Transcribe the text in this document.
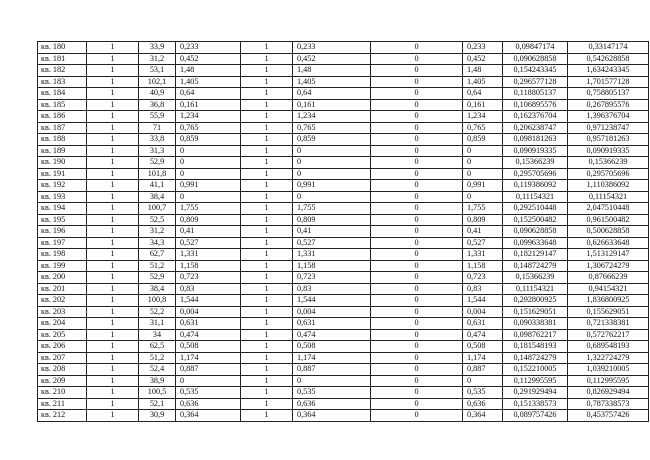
кв. 180	1	33,9	0,233	1	0,233	0	0,233	0,09847174	0,33147174
кв. 181	1	31,2	0,452	1	0,452	0	0,452	0,090628858	0,542628858
кв. 182	1	53,1	1,48	1	1,48	0	1,48	0,154243345	1,634243345
кв. 183	1	102,1	1,405	1	1,405	0	1,405	0,296577128	1,701577128
кв. 184	1	40,9	0,64	1	0,64	0	0,64	0,118805137	0,758805137
кв. 185	1	36,8	0,161	1	0,161	0	0,161	0,106895576	0,267895576
кв. 186	1	55,9	1,234	1	1,234	0	1,234	0,162376704	1,396376704
кв. 187	1	71	0,765	1	0,765	0	0,765	0,206238747	0,971238747
кв. 188	1	33,8	0,859	1	0,859	0	0,859	0,098181263	0,957181263
кв. 189	1	31,3	0	1	0	0	0	0,090919335	0,090919335
кв. 190	1	52,9	0	1	0	0	0	0,15366239	0,15366239
кв. 191	1	101,8	0	1	0	0	0	0,295705696	0,295705696
кв. 192	1	41,1	0,991	1	0,991	0	0,991	0,119386092	1,110386092
кв. 193	1	38,4	0	1	0	0	0	0,11154321	0,11154321
кв. 194	1	100,7	1,755	1	1,755	0	1,755	0,292510448	2,047510448
кв. 195	1	52,5	0,809	1	0,809	0	0,809	0,152500482	0,961500482
кв. 196	1	31,2	0,41	1	0,41	0	0,41	0,090628858	0,500628858
кв. 197	1	34,3	0,527	1	0,527	0	0,527	0,099633648	0,626633648
кв. 198	1	62,7	1,331	1	1,331	0	1,331	0,182129147	1,513129147
кв. 199	1	51,2	1,158	1	1,158	0	1,158	0,148724279	1,306724279
кв. 200	1	52,9	0,723	1	0,723	0	0,723	0,15366239	0,87666239
кв. 201	1	38,4	0,83	1	0,83	0	0,83	0,11154321	0,94154321
кв. 202	1	100,8	1,544	1	1,544	0	1,544	0,292800925	1,836800925
кв. 203	1	52,2	0,004	1	0,004	0	0,004	0,151629051	0,155629051
кв. 204	1	31,1	0,631	1	0,631	0	0,631	0,090338381	0,721338381
кв. 205	1	34	0,474	1	0,474	0	0,474	0,098762217	0,572762217
кв. 206	1	62,5	0,508	1	0,508	0	0,508	0,181548193	0,689548193
кв. 207	1	51,2	1,174	1	1,174	0	1,174	0,148724279	1,322724279
кв. 208	1	52,4	0,887	1	0,887	0	0,887	0,152210005	1,039210005
кв. 209	1	38,9	0	1	0	0	0	0,112995595	0,112995595
кв. 210	1	100,5	0,535	1	0,535	0	0,535	0,291929494	0,826929494
кв. 211	1	52,1	0,636	1	0,636	0	0,636	0,151338573	0,787338573
кв. 212	1	30,9	0,364	1	0,364	0	0,364	0,089757426	0,453757426
